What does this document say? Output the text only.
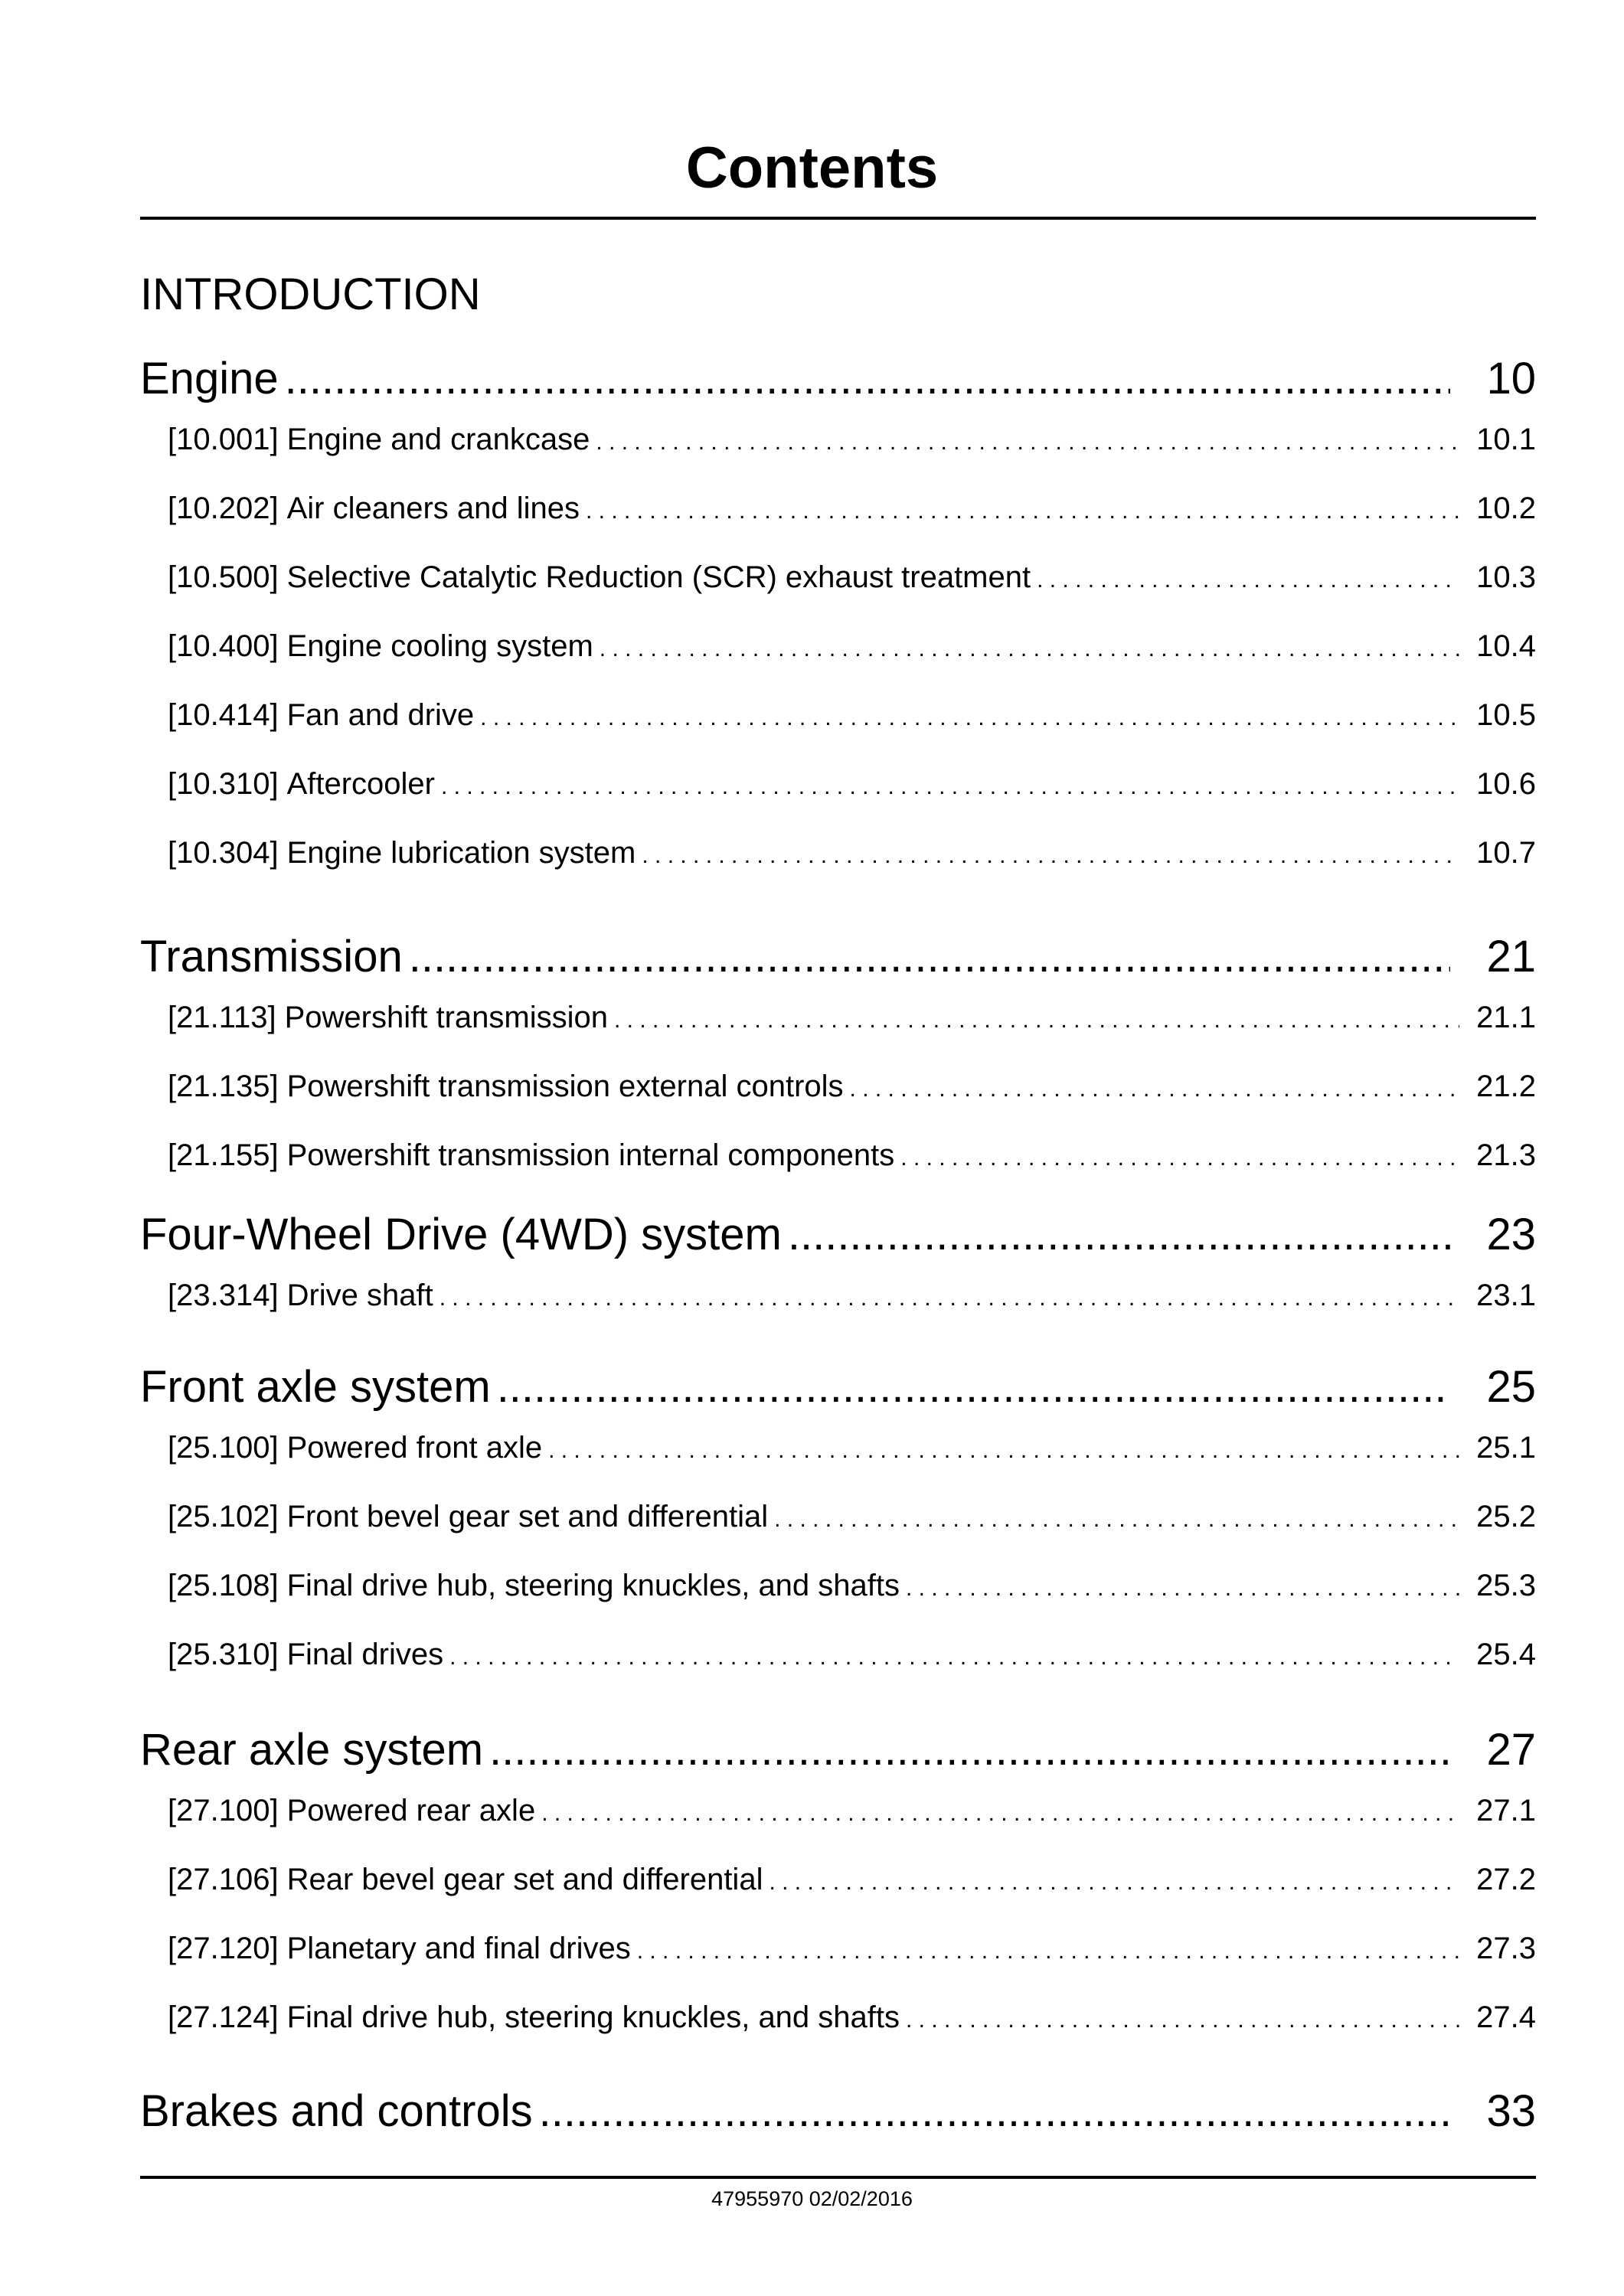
Contents
INTRODUCTION
Engine .....	10
[10.001] Engine and crankcase . . .	10.1
[10.202] Air cleaners and lines . . .	10.2
[10.500] Selective Catalytic Reduction (SCR) exhaust treatment . . .	10.3
[10.400] Engine cooling system . . .	10.4
[10.414] Fan and drive . . .	10.5
[10.310] Aftercooler . . .	10.6
[10.304] Engine lubrication system . . .	10.7
Transmission .....	21
[21.113] Powershift transmission . . .	21.1
[21.135] Powershift transmission external controls . . .	21.2
[21.155] Powershift transmission internal components . . .	21.3
Four-Wheel Drive (4WD) system .....	23
[23.314] Drive shaft . . .	23.1
Front axle system .....	25
[25.100] Powered front axle . . .	25.1
[25.102] Front bevel gear set and differential . . .	25.2
[25.108] Final drive hub, steering knuckles, and shafts . . .	25.3
[25.310] Final drives . . .	25.4
Rear axle system .....	27
[27.100] Powered rear axle . . .	27.1
[27.106] Rear bevel gear set and differential . . .	27.2
[27.120] Planetary and final drives . . .	27.3
[27.124] Final drive hub, steering knuckles, and shafts . . .	27.4
Brakes and controls .....	33
47955970 02/02/2016
